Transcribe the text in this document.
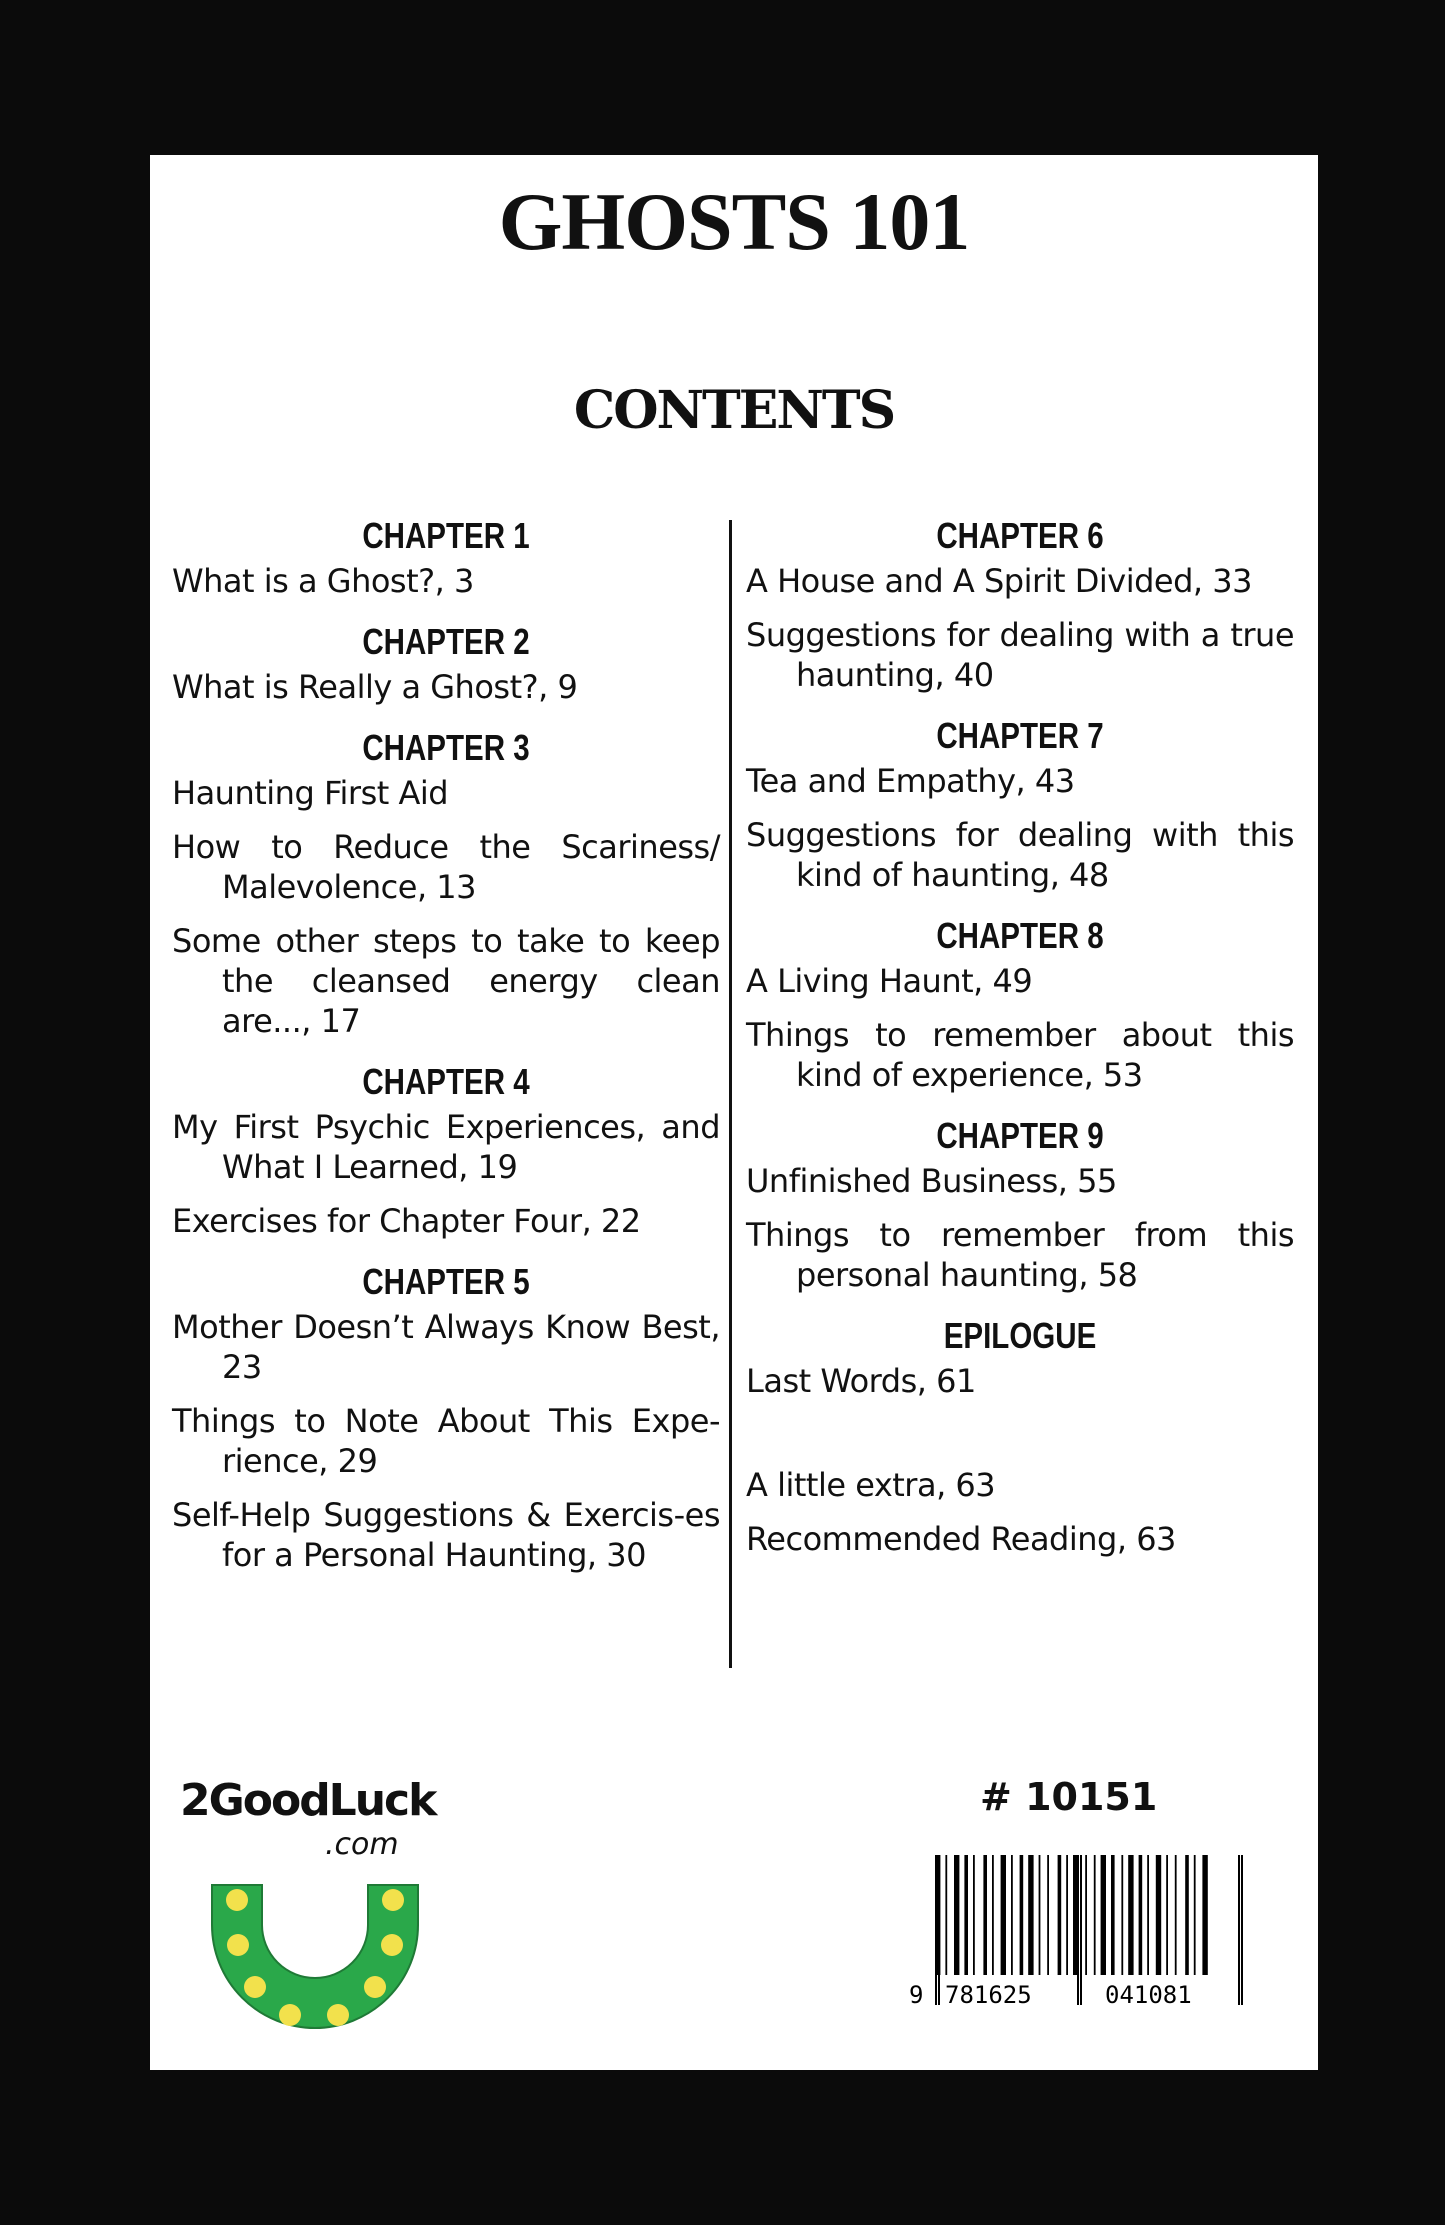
GHOSTS 101
CONTENTS
CHAPTER 1
What is a Ghost?, 3
CHAPTER 2
What is Really a Ghost?, 9
CHAPTER 3
Haunting First Aid
How to Reduce the Scariness/ Malevolence, 13
Some other steps to take to keep the cleansed energy clean are..., 17
CHAPTER 4
My First Psychic Experiences, and What I Learned, 19
Exercises for Chapter Four, 22
CHAPTER 5
Mother Doesn’t Always Know Best, 23
Things to Note About This Expe-rience, 29
Self-Help Suggestions & Exercis-es for a Personal Haunting, 30
CHAPTER 6
A House and A Spirit Divided, 33
Suggestions for dealing with a true haunting, 40
CHAPTER 7
Tea and Empathy, 43
Suggestions for dealing with this kind of haunting, 48
CHAPTER 8
A Living Haunt, 49
Things to remember about this kind of experience, 53
CHAPTER 9
Unfinished Business, 55
Things to remember from this personal haunting, 58
EPILOGUE
Last Words, 61
A little extra, 63
Recommended Reading, 63
2GoodLuck
.com
# 10151
9 781625	041081
